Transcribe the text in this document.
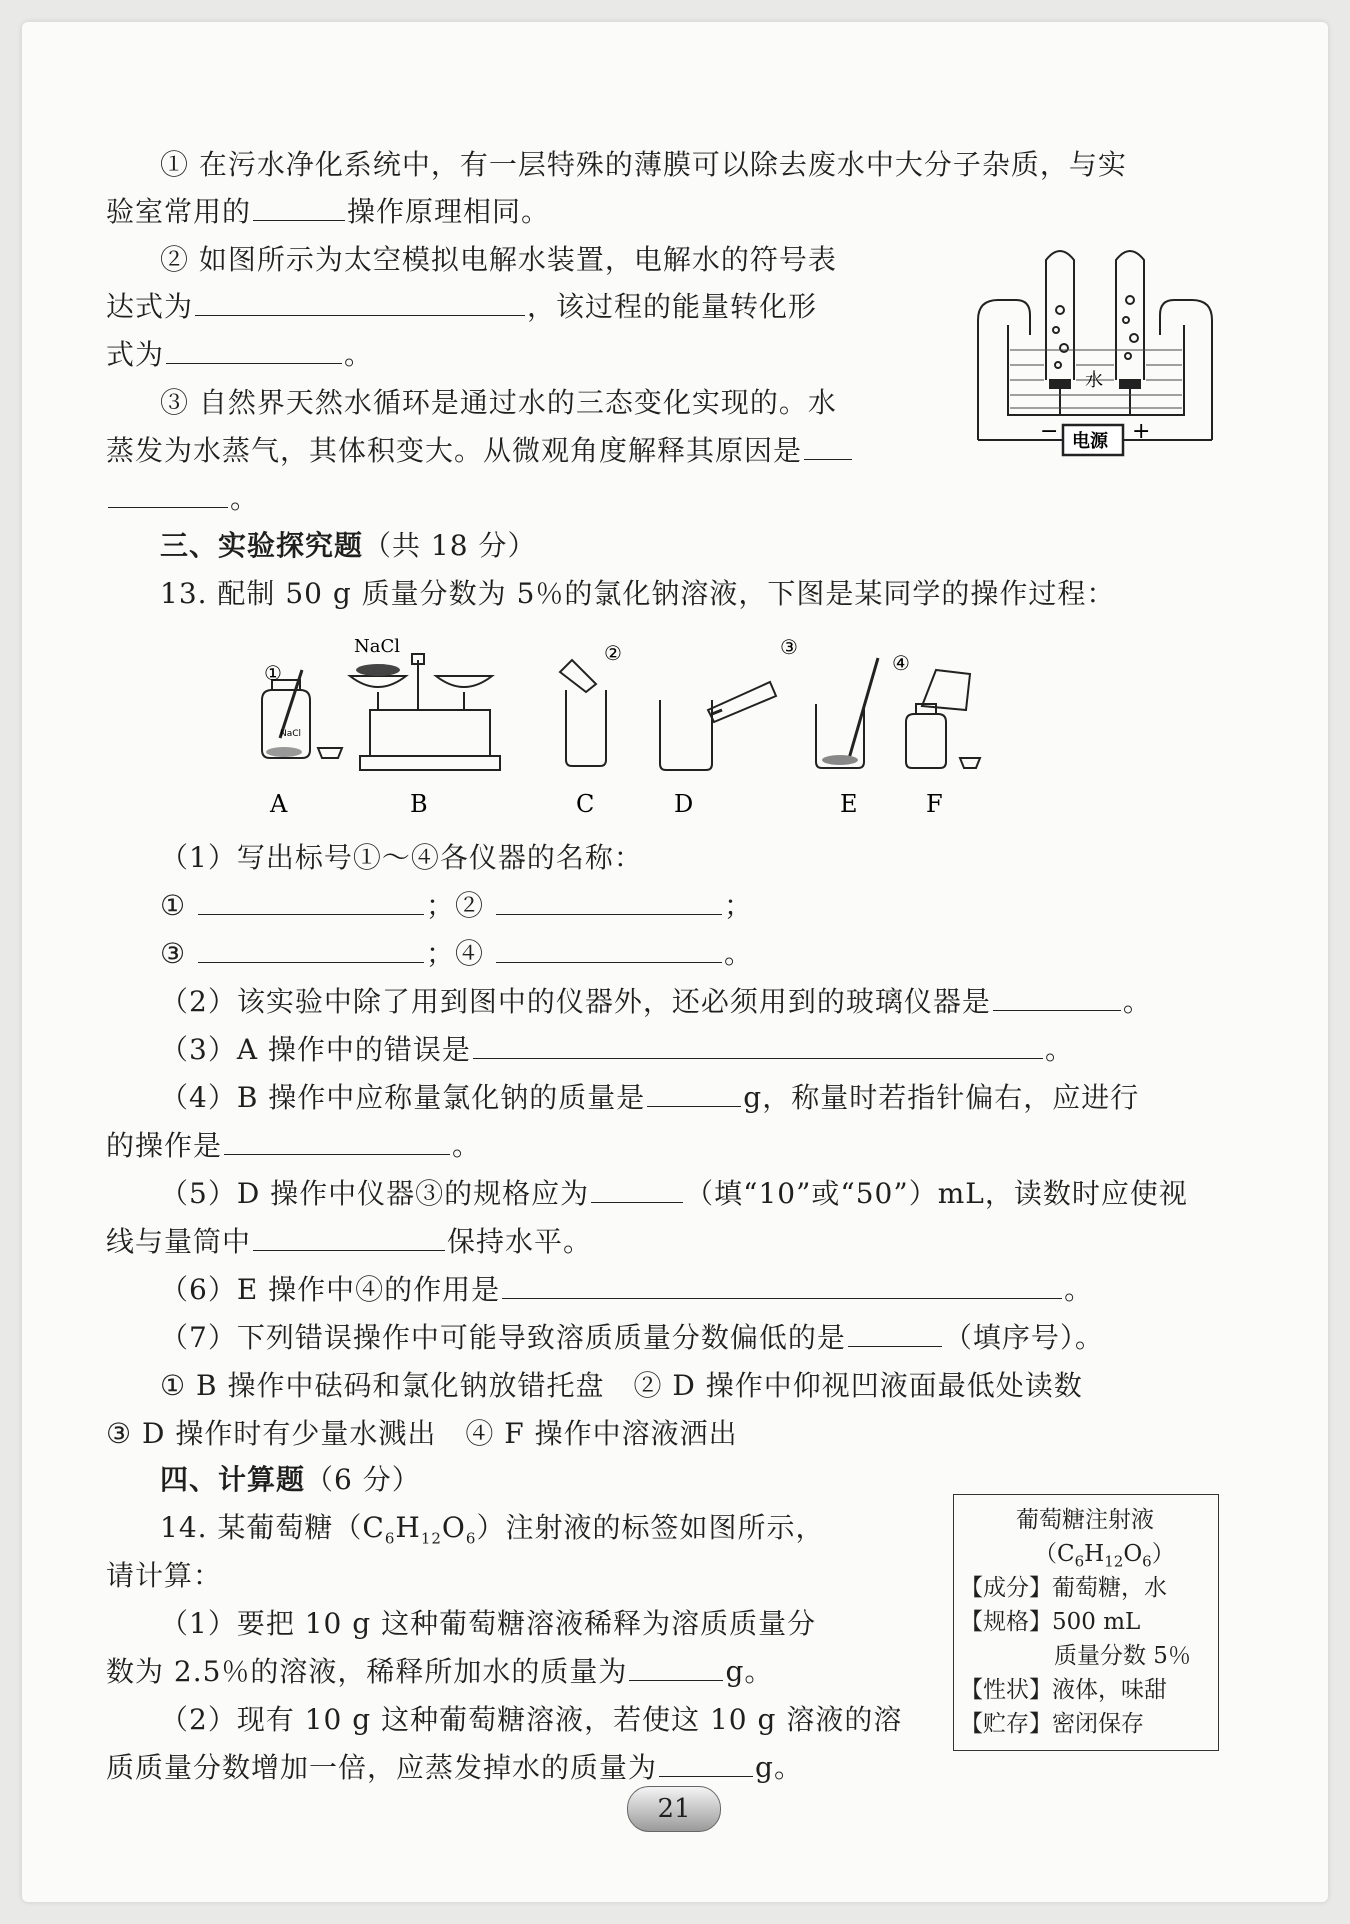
① 在污水净化系统中，有一层特殊的薄膜可以除去废水中大分子杂质，与实
验室常用的	操作原理相同。
② 如图所示为太空模拟电解水装置，电解水的符号表
达式为	，该过程的能量转化形
式为	。
③ 自然界天然水循环是通过水的三态变化实现的。水
蒸发为水蒸气，其体积变大。从微观角度解释其原因是
。
水
电源
−	+
三、实验探究题（共 18 分）
13. 配制 50 g 质量分数为 5％的氯化钠溶液，下图是某同学的操作过程：
NaCl
NaCl
①
②	③
④
A	B	C	D	E	F
（1）写出标号①～④各仪器的名称：
①	；②	；
③	；④	。
（2）该实验中除了用到图中的仪器外，还必须用到的玻璃仪器是	。
（3）A 操作中的错误是	。
（4）B 操作中应称量氯化钠的质量是	g，称量时若指针偏右，应进行
的操作是	。
（5）D 操作中仪器③的规格应为	（填“10”或“50”）mL，读数时应使视
线与量筒中	保持水平。
（6）E 操作中④的作用是	。
（7）下列错误操作中可能导致溶质质量分数偏低的是	（填序号）。
① B 操作中砝码和氯化钠放错托盘　② D 操作中仰视凹液面最低处读数
③ D 操作时有少量水溅出　④ F 操作中溶液洒出
四、计算题（6 分）
14. 某葡萄糖$(C_6H_{12}O_6)$注射液的标签如图所示，
请计算：
（1）要把 10 g 这种葡萄糖溶液稀释为溶质质量分
数为 2.5％的溶液，稀释所加水的质量为	g。
（2）现有 10 g 这种葡萄糖溶液，若使这 10 g 溶液的溶
质质量分数增加一倍，应蒸发掉水的质量为	g。
葡萄糖注射液
$(C_6H_{12}O_6)$
【成分】葡萄糖，水
【规格】500 mL
质量分数 5％
【性状】液体，味甜
【贮存】密闭保存
21
